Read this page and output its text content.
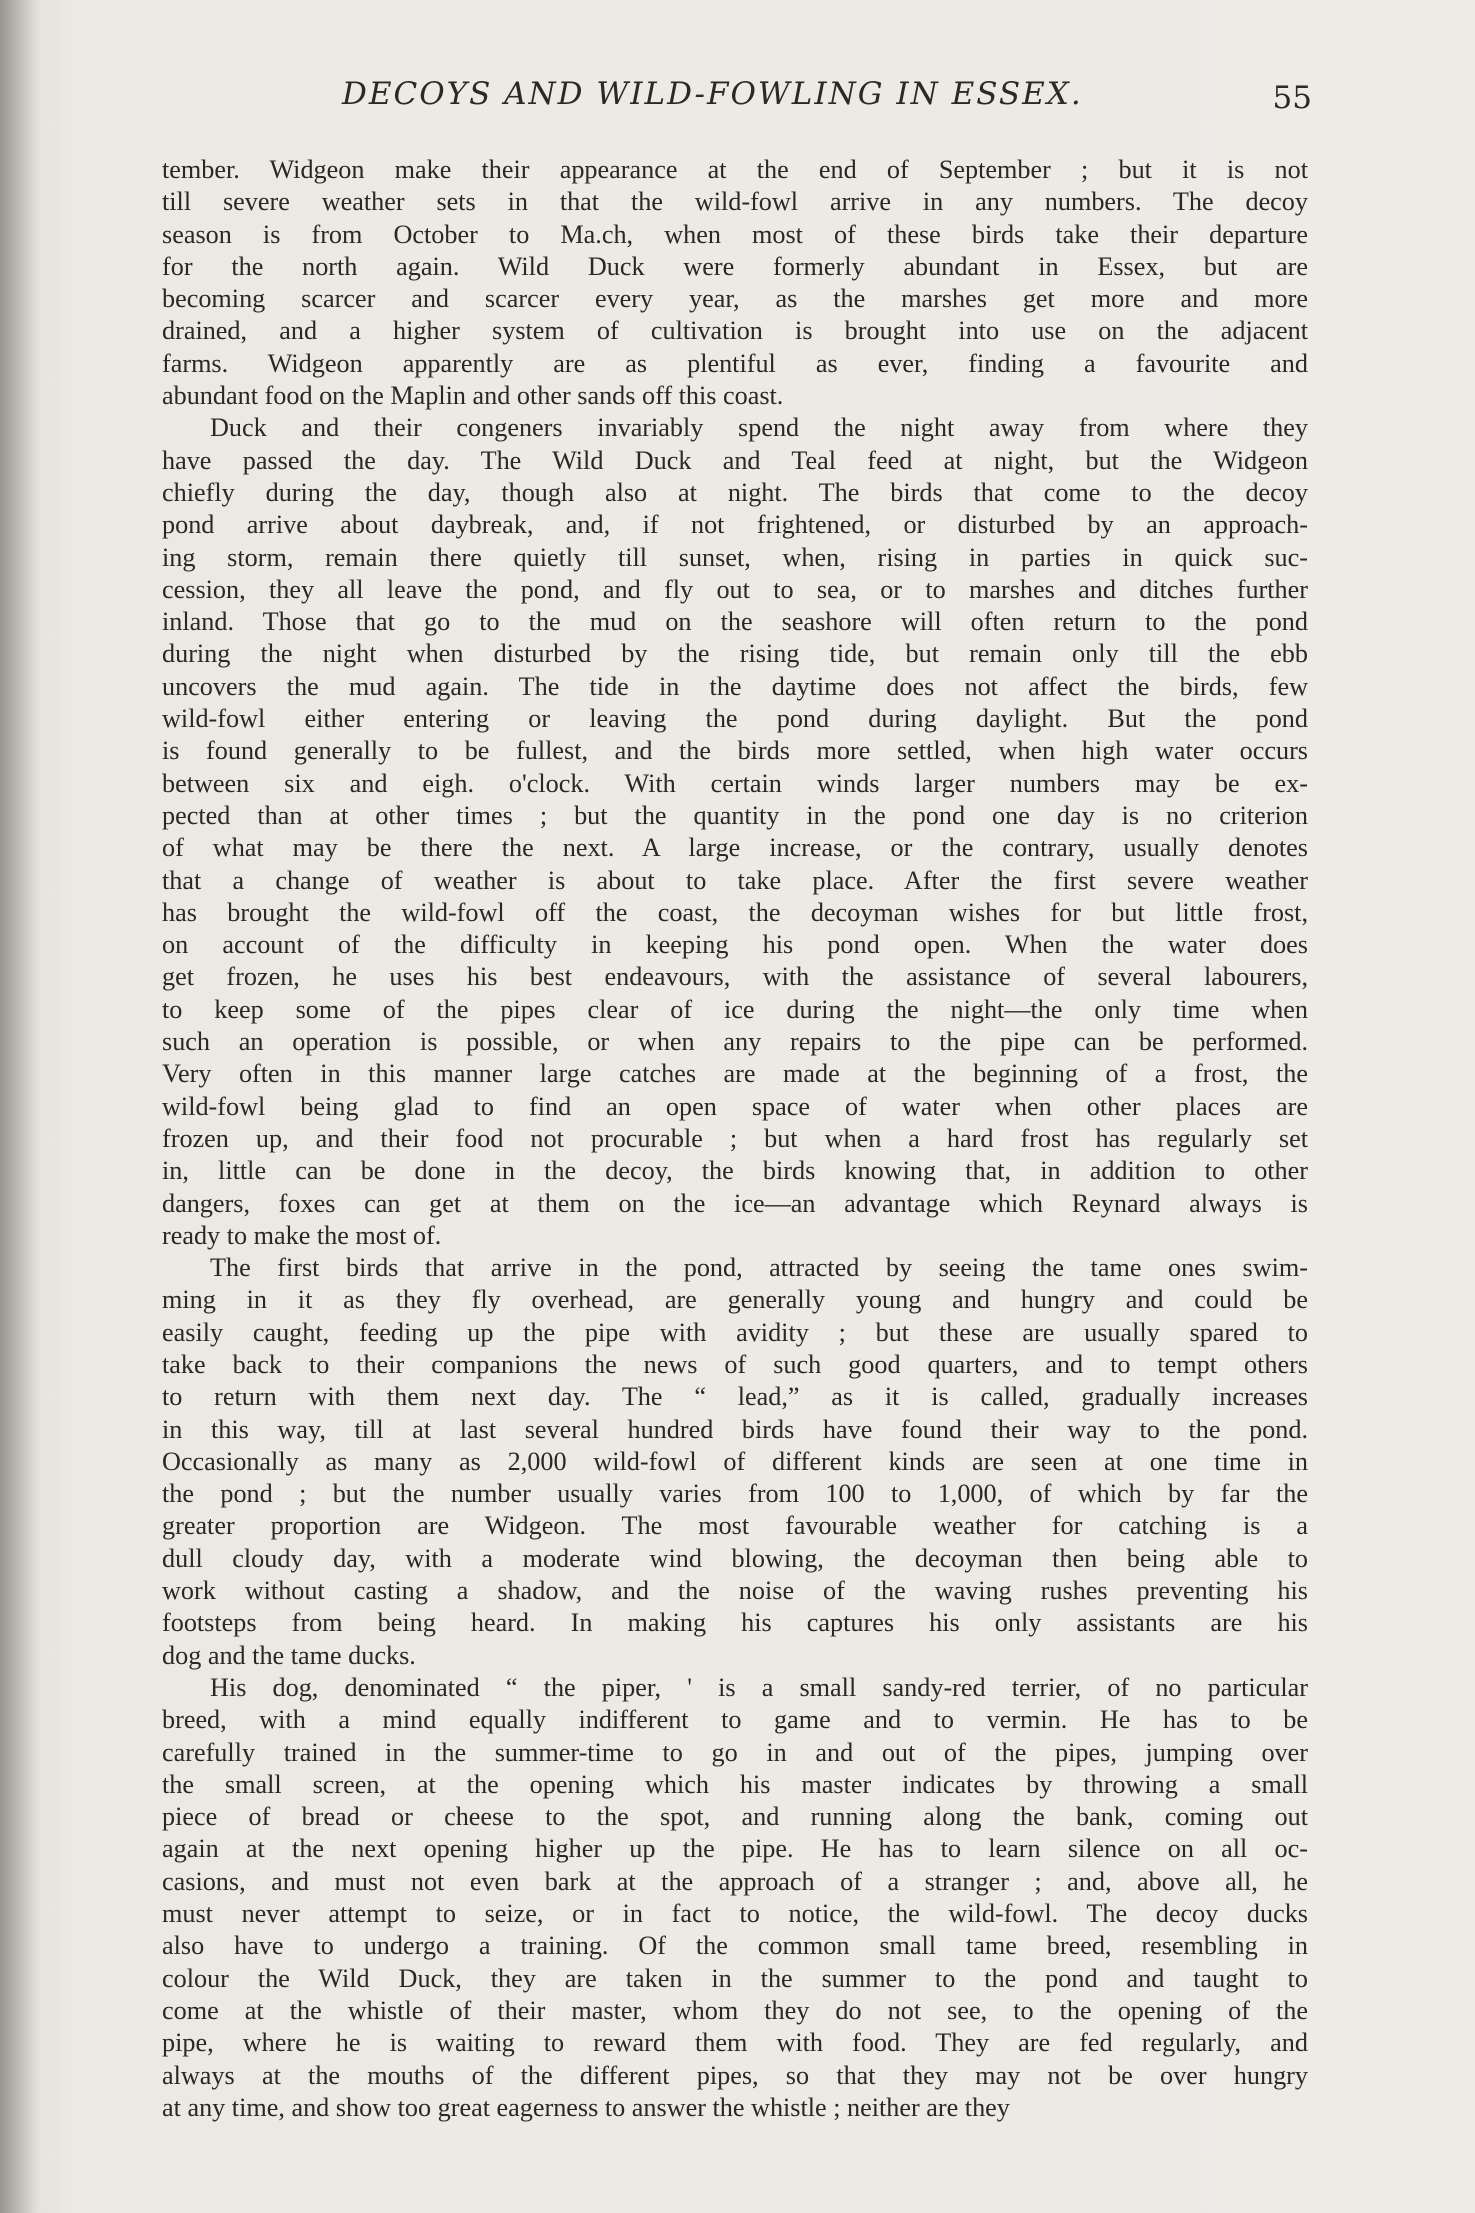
DECOYS AND WILD-FOWLING IN ESSEX.	55
tember. Widgeon make their appearance at the end of September ; but it is not
till severe weather sets in that the wild-fowl arrive in any numbers. The decoy
season is from October to Ma.ch, when most of these birds take their departure
for the north again. Wild Duck were formerly abundant in Essex, but are
becoming scarcer and scarcer every year, as the marshes get more and more
drained, and a higher system of cultivation is brought into use on the adjacent
farms. Widgeon apparently are as plentiful as ever, finding a favourite and
abundant food on the Maplin and other sands off this coast.
Duck and their congeners invariably spend the night away from where they
have passed the day. The Wild Duck and Teal feed at night, but the Widgeon
chiefly during the day, though also at night. The birds that come to the decoy
pond arrive about daybreak, and, if not frightened, or disturbed by an approach-
ing storm, remain there quietly till sunset, when, rising in parties in quick suc-
cession, they all leave the pond, and fly out to sea, or to marshes and ditches further
inland. Those that go to the mud on the seashore will often return to the pond
during the night when disturbed by the rising tide, but remain only till the ebb
uncovers the mud again. The tide in the daytime does not affect the birds, few
wild-fowl either entering or leaving the pond during daylight. But the pond
is found generally to be fullest, and the birds more settled, when high water occurs
between six and eigh. o'clock. With certain winds larger numbers may be ex-
pected than at other times ; but the quantity in the pond one day is no criterion
of what may be there the next. A large increase, or the contrary, usually denotes
that a change of weather is about to take place. After the first severe weather
has brought the wild-fowl off the coast, the decoyman wishes for but little frost,
on account of the difficulty in keeping his pond open. When the water does
get frozen, he uses his best endeavours, with the assistance of several labourers,
to keep some of the pipes clear of ice during the night—the only time when
such an operation is possible, or when any repairs to the pipe can be performed.
Very often in this manner large catches are made at the beginning of a frost, the
wild-fowl being glad to find an open space of water when other places are
frozen up, and their food not procurable ; but when a hard frost has regularly set
in, little can be done in the decoy, the birds knowing that, in addition to other
dangers, foxes can get at them on the ice—an advantage which Reynard always is
ready to make the most of.
The first birds that arrive in the pond, attracted by seeing the tame ones swim-
ming in it as they fly overhead, are generally young and hungry and could be
easily caught, feeding up the pipe with avidity ; but these are usually spared to
take back to their companions the news of such good quarters, and to tempt others
to return with them next day. The “ lead,” as it is called, gradually increases
in this way, till at last several hundred birds have found their way to the pond.
Occasionally as many as 2,000 wild-fowl of different kinds are seen at one time in
the pond ; but the number usually varies from 100 to 1,000, of which by far the
greater proportion are Widgeon. The most favourable weather for catching is a
dull cloudy day, with a moderate wind blowing, the decoyman then being able to
work without casting a shadow, and the noise of the waving rushes preventing his
footsteps from being heard. In making his captures his only assistants are his
dog and the tame ducks.
His dog, denominated “ the piper, ' is a small sandy-red terrier, of no particular
breed, with a mind equally indifferent to game and to vermin. He has to be
carefully trained in the summer-time to go in and out of the pipes, jumping over
the small screen, at the opening which his master indicates by throwing a small
piece of bread or cheese to the spot, and running along the bank, coming out
again at the next opening higher up the pipe. He has to learn silence on all oc-
casions, and must not even bark at the approach of a stranger ; and, above all, he
must never attempt to seize, or in fact to notice, the wild-fowl. The decoy ducks
also have to undergo a training. Of the common small tame breed, resembling in
colour the Wild Duck, they are taken in the summer to the pond and taught to
come at the whistle of their master, whom they do not see, to the opening of the
pipe, where he is waiting to reward them with food. They are fed regularly, and
always at the mouths of the different pipes, so that they may not be over hungry
at any time, and show too great eagerness to answer the whistle ; neither are they
